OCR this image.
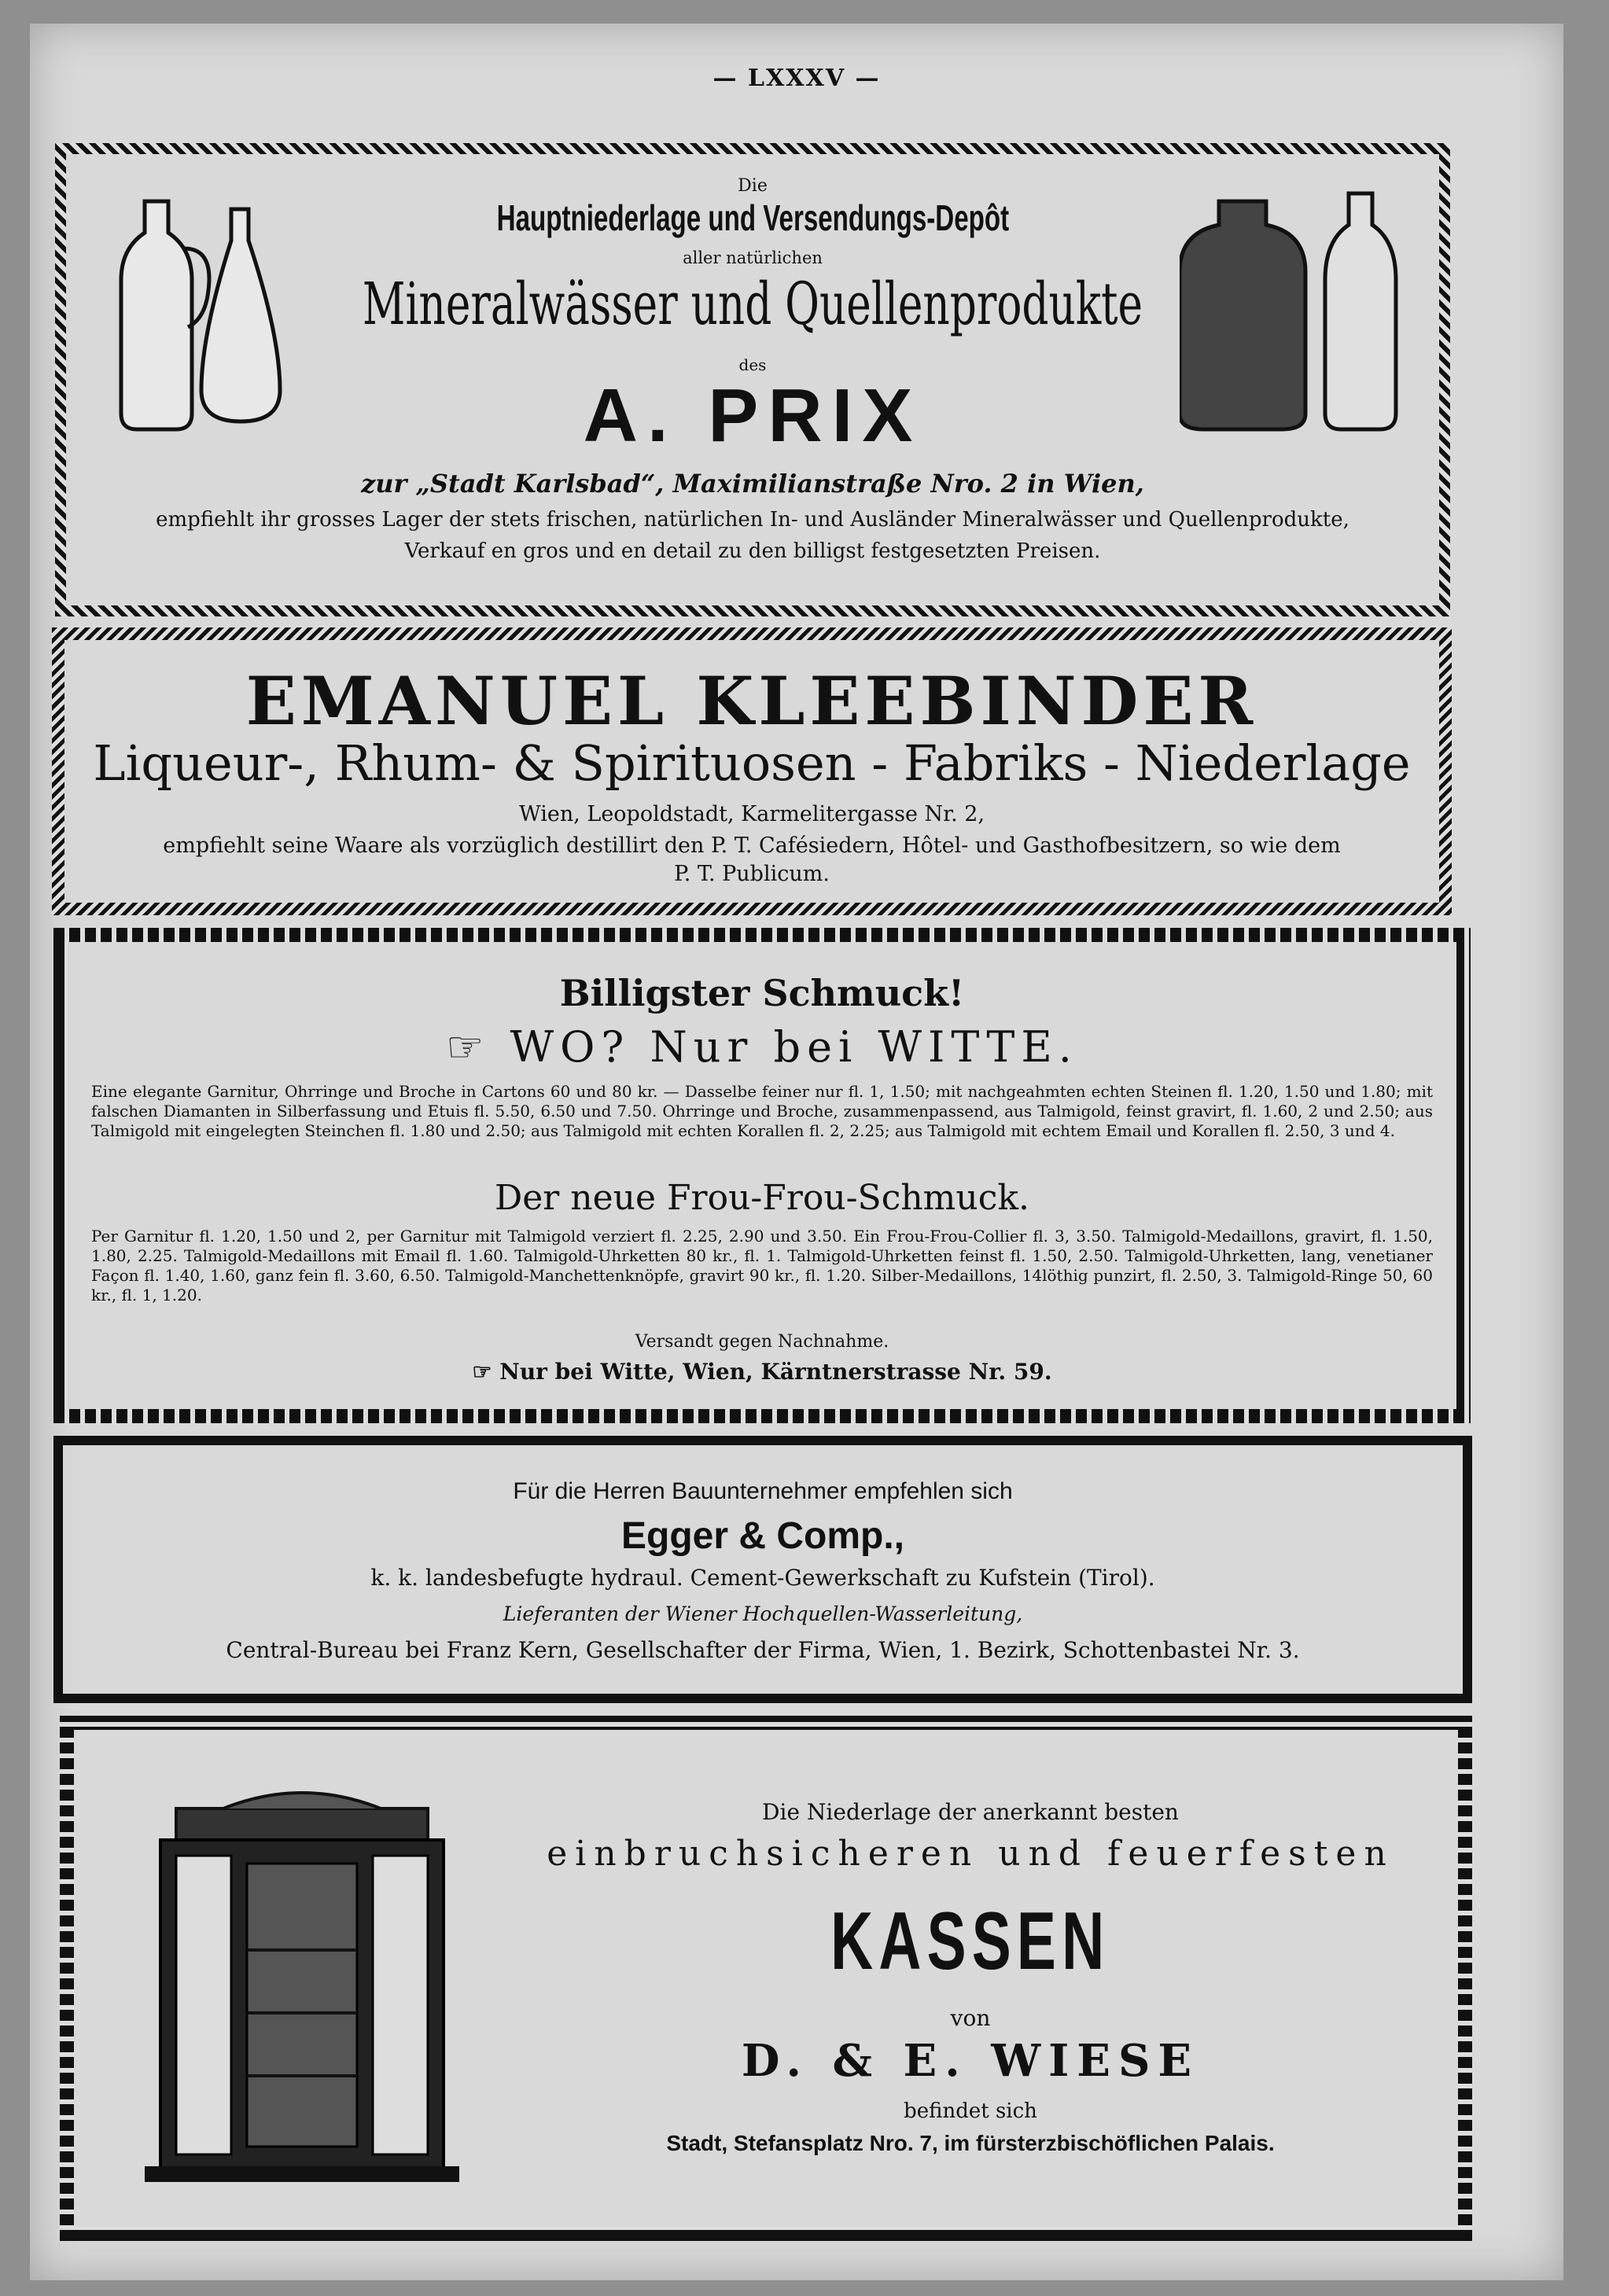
— LXXXV —
Die
Hauptniederlage und Versendungs-Depôt
aller natürlichen
Mineralwässer und Quellenprodukte
des
A. PRIX
zur „Stadt Karlsbad“, Maximilianstraße Nro. 2 in Wien,
empfiehlt ihr grosses Lager der stets frischen, natürlichen In- und Ausländer Mineralwässer und Quellenprodukte,
Verkauf en gros und en detail zu den billigst festgesetzten Preisen.
EMANUEL KLEEBINDER
Liqueur-, Rhum- & Spirituosen - Fabriks - Niederlage
Wien, Leopoldstadt, Karmelitergasse Nr. 2,
empfiehlt seine Waare als vorzüglich destillirt den P. T. Cafésiedern, Hôtel- und Gasthofbesitzern, so wie dem
P. T. Publicum.
Billigster Schmuck!
☞ WO? Nur bei WITTE.
Eine elegante Garnitur, Ohrringe und Broche in Cartons 60 und 80 kr. — Dasselbe feiner nur fl. 1, 1.50; mit nachgeahmten echten Steinen fl. 1.20, 1.50 und 1.80; mit falschen Diamanten in Silberfassung und Etuis fl. 5.50, 6.50 und 7.50. Ohrringe und Broche, zusammenpassend, aus Talmigold, feinst gravirt, fl. 1.60, 2 und 2.50; aus Talmigold mit eingelegten Steinchen fl. 1.80 und 2.50; aus Talmigold mit echten Korallen fl. 2, 2.25; aus Talmigold mit echtem Email und Korallen fl. 2.50, 3 und 4.
Der neue Frou-Frou-Schmuck.
Per Garnitur fl. 1.20, 1.50 und 2, per Garnitur mit Talmigold verziert fl. 2.25, 2.90 und 3.50. Ein Frou-Frou-Collier fl. 3, 3.50. Talmigold-Medaillons, gravirt, fl. 1.50, 1.80, 2.25. Talmigold-Medaillons mit Email fl. 1.60. Talmigold-Uhrketten 80 kr., fl. 1. Talmigold-Uhrketten feinst fl. 1.50, 2.50. Talmigold-Uhrketten, lang, venetianer Façon fl. 1.40, 1.60, ganz fein fl. 3.60, 6.50. Talmigold-Manchettenknöpfe, gravirt 90 kr., fl. 1.20. Silber-Medaillons, 14löthig punzirt, fl. 2.50, 3. Talmigold-Ringe 50, 60 kr., fl. 1, 1.20.
Versandt gegen Nachnahme.
☞ Nur bei Witte, Wien, Kärntnerstrasse Nr. 59.
Für die Herren Bauunternehmer empfehlen sich
Egger & Comp.,
k. k. landesbefugte hydraul. Cement-Gewerkschaft zu Kufstein (Tirol).
Lieferanten der Wiener Hochquellen-Wasserleitung,
Central-Bureau bei Franz Kern, Gesellschafter der Firma, Wien, 1. Bezirk, Schottenbastei Nr. 3.
Die Niederlage der anerkannt besten
einbruchsicheren und feuerfesten
KASSEN
von
D. & E. WIESE
befindet sich
Stadt, Stefansplatz Nro. 7, im fürsterzbischöflichen Palais.
